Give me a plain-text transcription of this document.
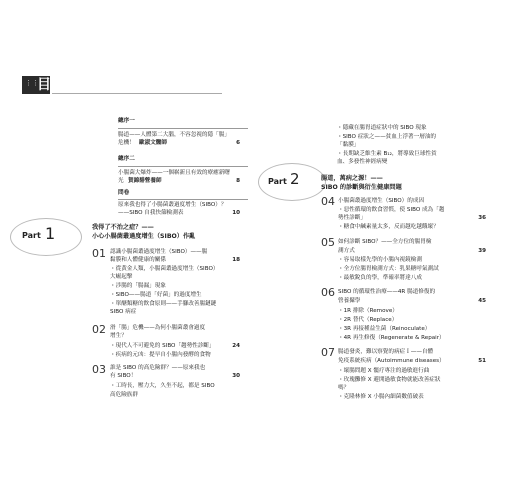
⋮⋮
目錄
總序一
腸道——人體第二大腦，不容忽視的隱「腸」
危機！ 歐淑文醫師	6
總序二
小腸菌大爆炸——一個嶄新且有效的療癒新曙
光 賀錦馡營養師	8
問卷
原來我也得了小腸菌叢過度增生（SIBO）？
——SIBO 自我快篩檢測表	10
Part 1	我得了不治之症？——
小心小腸菌叢過度增生（SIBO）作亂
01 認識小腸菌叢過度增生（SIBO）——腸
黏膜和人體健康的關係	18
・從黃金人類，小腸菌叢過度增生（SIBO）
大崛起擊
・涉腸的「腸漏」現象
・SIBO——腸道「好菌」的過度增生
・單醣類糖的飲食原則——手腳改善腸鏈鏈
SIBO 病症
02 滑「腸」危機——為何小腸菌叢會過度
增生？
24
・現代人不可避免的 SIBO「趨勢性診斷」
・疾病的元凶：提早自小腸內發酵的食物
03 誰是 SIBO 的高危險群？——原來我也
有 SIBO！	30
・工時長，壓力大，久坐不起，都是 SIBO
高危險族群
・隱藏在腸胃道症狀中的 SIBO 現象
・SIBO 症狀之——貧血上浮著一層油的
「黏膜」
・長期缺乏維生素 B₁₂，將導致巨球性貧
血、多發性神經病變
Part 2	腸道，萬病之源！——
SIBO 的診斷與衍生健康問題
04 小腸菌叢過度增生（SIBO）的成因
・惡性循環的飲食習慣，使 SIBO 成為「趨
勢性診斷」	36
・糖食中鹹素量太多，反而越吃越餓壞？
05 如何診斷 SIBO？——全方位的腸胃檢
測方式	39
・容易取樣先學的小腸內視鏡檢測
・全方位腸胃檢測方式：乳果糖呼氣測試
・最敏銳負的學，準確率將達八成
06 SIBO 的循環性治療——4R 腸道修復的
營養攝學	45
・1R 排除（Remove）
・2R 替代（Replace）
・3R 再接種益生菌（Reinoculate）
・4R 再生修復（Regenerate & Repair）
07 腸道發炎，難以察覺的病症Ｉ——自體
免疫系統疾病（Autoimmune diseases）	51
・壞腸問題 X 髖疗專注的過敏進行曲
・玫瑰攤修 X 避開過敏食物就能改善症狀
嗎？
・克隆林修 X 小腸內細菌數值破表
